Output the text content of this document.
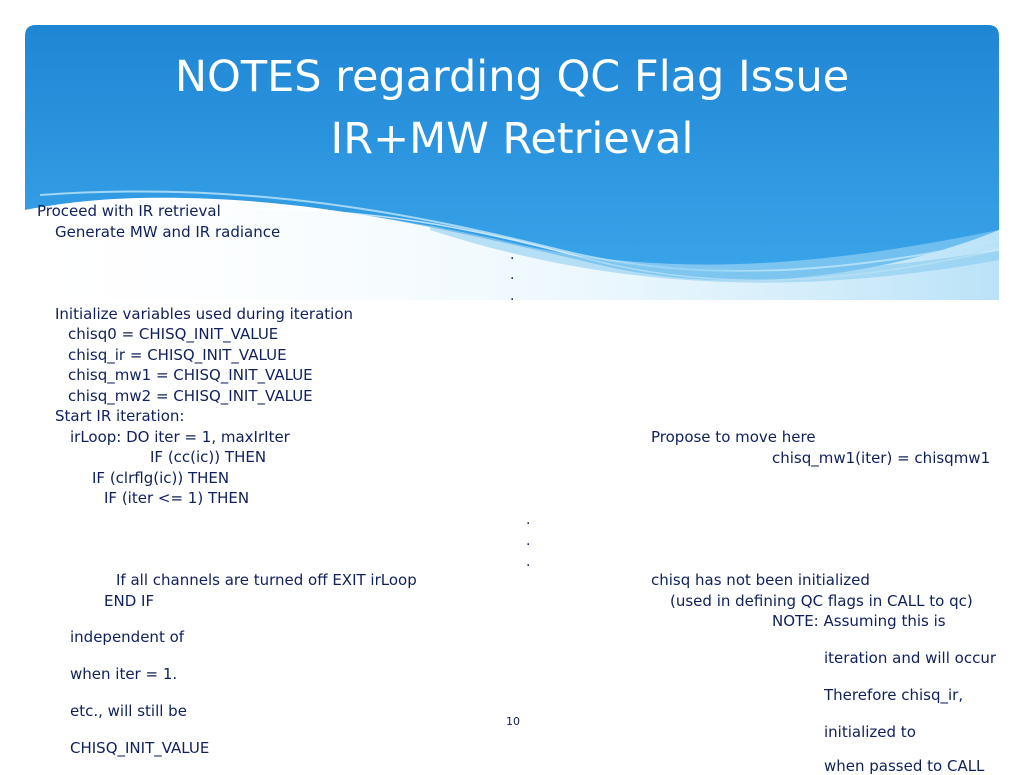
NOTES regarding QC Flag Issue
IR+MW Retrieval
Proceed with IR retrieval
Generate MW and IR radiance
.
.
.
Initialize variables used during iteration
chisq0 = CHISQ_INIT_VALUE
chisq_ir = CHISQ_INIT_VALUE
chisq_mw1 = CHISQ_INIT_VALUE
chisq_mw2 = CHISQ_INIT_VALUE
Start IR iteration:
irLoop: DO iter = 1, maxIrIter
IF (cc(ic)) THEN
IF (clrflg(ic)) THEN
IF (iter <= 1) THEN
.
.
.
If all channels are turned off EXIT irLoop
END IF
independent of
when iter = 1.
etc., will still be
CHISQ_INIT_VALUE
Propose to move here
chisq_mw1(iter) = chisqmw1
chisq has not been initialized
(used in defining QC flags in CALL to qc)
NOTE: Assuming this is
iteration and will occur
Therefore chisq_ir,
initialized to
when passed to CALL
10
